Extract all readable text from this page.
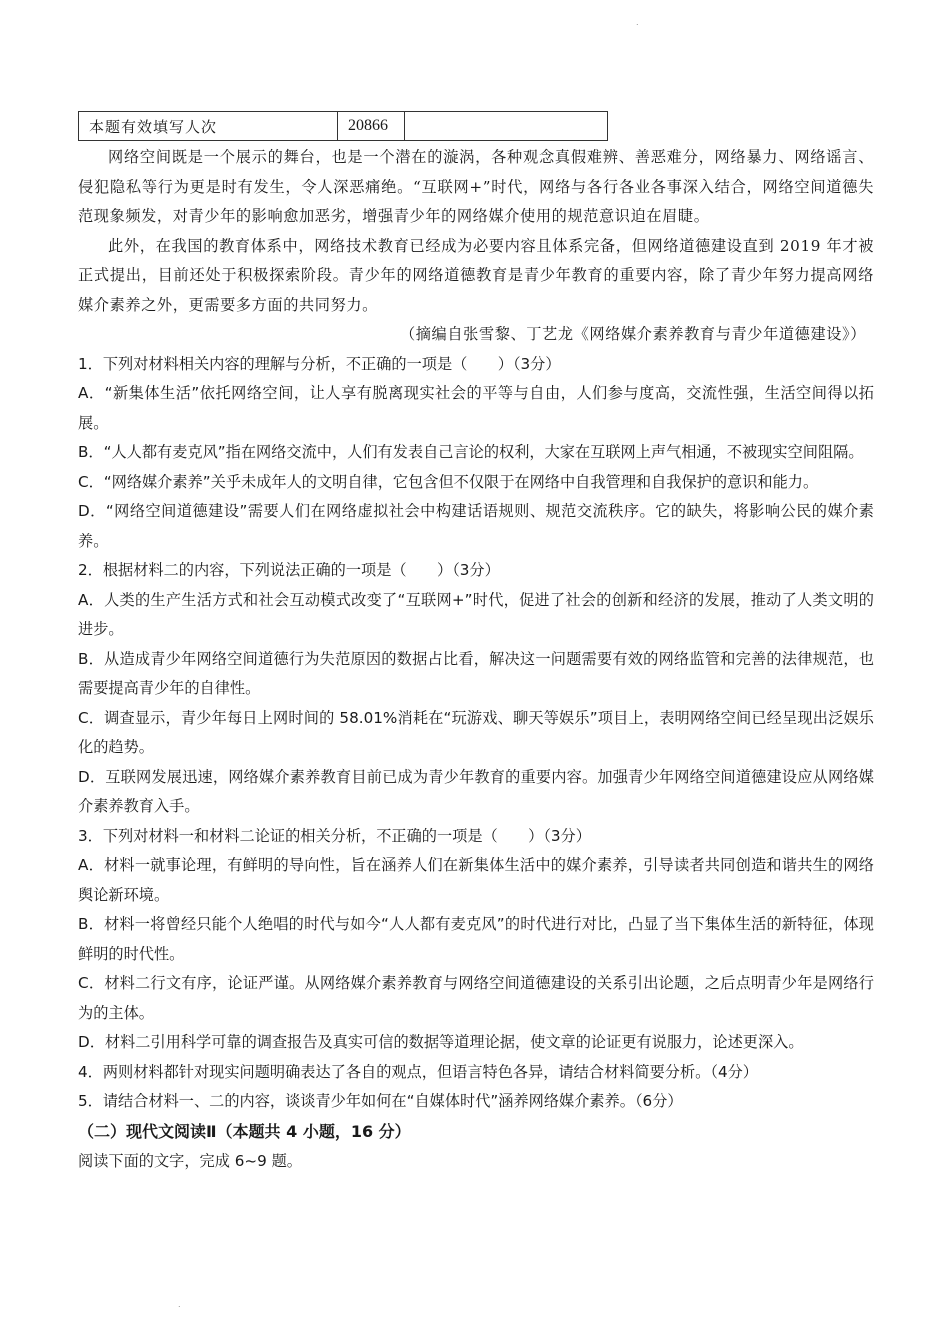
.
本题有效填写人次	20866	

网络空间既是一个展示的舞台，也是一个潜在的漩涡，各种观念真假难辨、善恶难分，网络暴力、网络谣言、侵犯隐私等行为更是时有发生，令人深恶痛绝。“互联网+”时代，网络与各行各业各事深入结合，网络空间道德失范现象频发，对青少年的影响愈加恶劣，增强青少年的网络媒介使用的规范意识迫在眉睫。

此外，在我国的教育体系中，网络技术教育已经成为必要内容且体系完备，但网络道德建设直到 2019 年才被正式提出，目前还处于积极探索阶段。青少年的网络道德教育是青少年教育的重要内容，除了青少年努力提高网络媒介素养之外，更需要多方面的共同努力。

（摘编自张雪黎、丁艺龙《网络媒介素养教育与青少年道德建设》）

1．下列对材料相关内容的理解与分析，不正确的一项是（　　）（3分）

A．“新集体生活”依托网络空间，让人享有脱离现实社会的平等与自由，人们参与度高，交流性强，生活空间得以拓展。

B．“人人都有麦克风”指在网络交流中，人们有发表自己言论的权利，大家在互联网上声气相通，不被现实空间阻隔。

C．“网络媒介素养”关乎未成年人的文明自律，它包含但不仅限于在网络中自我管理和自我保护的意识和能力。

D．“网络空间道德建设”需要人们在网络虚拟社会中构建话语规则、规范交流秩序。它的缺失，将影响公民的媒介素养。

2．根据材料二的内容，下列说法正确的一项是（　　）（3分）

A．人类的生产生活方式和社会互动模式改变了“互联网+”时代，促进了社会的创新和经济的发展，推动了人类文明的进步。

B．从造成青少年网络空间道德行为失范原因的数据占比看，解决这一问题需要有效的网络监管和完善的法律规范，也需要提高青少年的自律性。

C．调查显示，青少年每日上网时间的 58.01%消耗在“玩游戏、聊天等娱乐”项目上，表明网络空间已经呈现出泛娱乐化的趋势。

D．互联网发展迅速，网络媒介素养教育目前已成为青少年教育的重要内容。加强青少年网络空间道德建设应从网络媒介素养教育入手。

3．下列对材料一和材料二论证的相关分析，不正确的一项是（　　）（3分）

A．材料一就事论理，有鲜明的导向性，旨在涵养人们在新集体生活中的媒介素养，引导读者共同创造和谐共生的网络舆论新环境。

B．材料一将曾经只能个人绝唱的时代与如今“人人都有麦克风”的时代进行对比，凸显了当下集体生活的新特征，体现鲜明的时代性。

C．材料二行文有序，论证严谨。从网络媒介素养教育与网络空间道德建设的关系引出论题，之后点明青少年是网络行为的主体。

D．材料二引用科学可靠的调查报告及真实可信的数据等道理论据，使文章的论证更有说服力，论述更深入。

4．两则材料都针对现实问题明确表达了各自的观点，但语言特色各异，请结合材料简要分析。（4分）

5．请结合材料一、二的内容，谈谈青少年如何在“自媒体时代”涵养网络媒介素养。（6分）

（二）现代文阅读Ⅱ（本题共 4 小题，16 分）

阅读下面的文字，完成 6~9 题。

.
